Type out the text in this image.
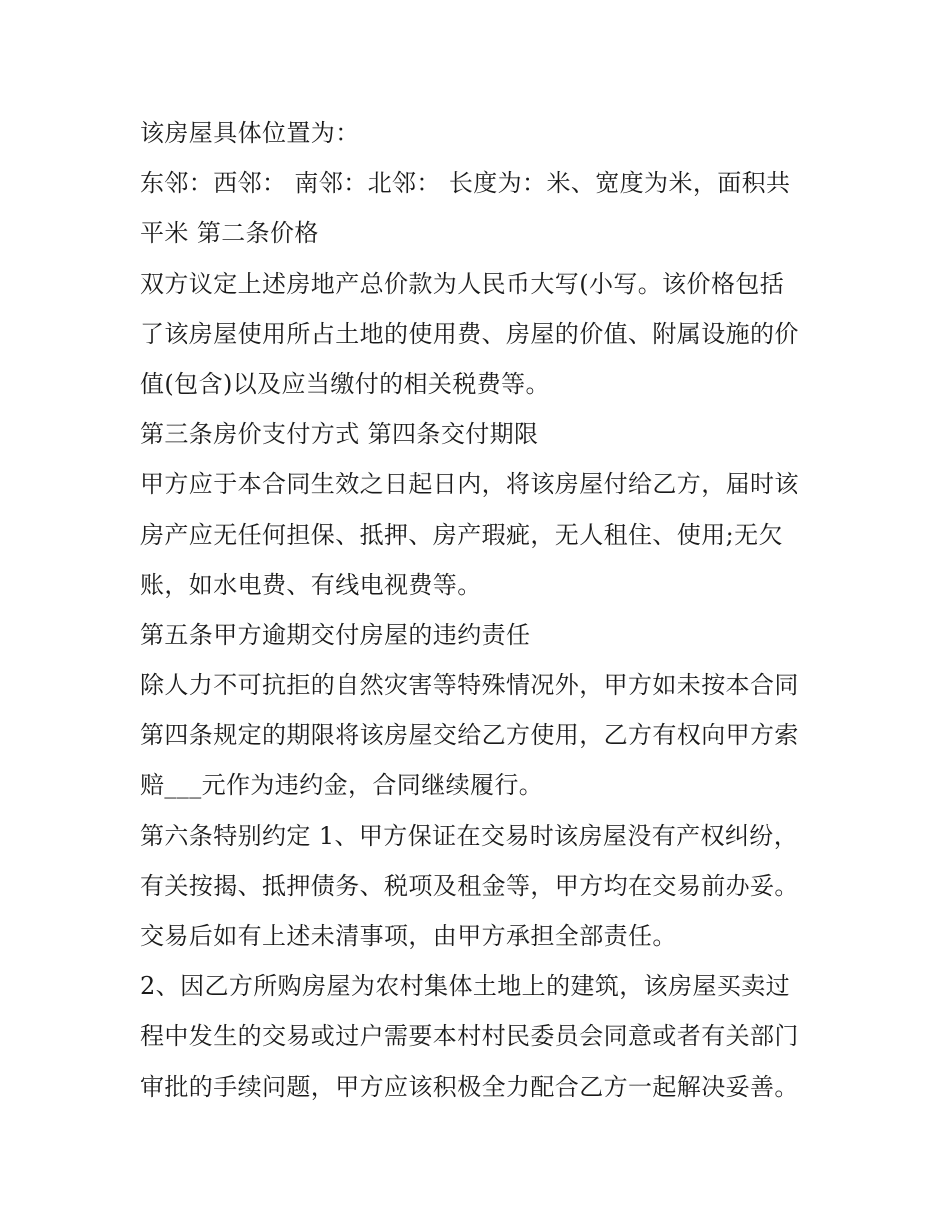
该房屋具体位置为：
东邻：西邻： 南邻：北邻： 长度为：米、宽度为米，面积共
平米 第二条价格
双方议定上述房地产总价款为人民币大写(小写。该价格包括
了该房屋使用所占土地的使用费、房屋的价值、附属设施的价
值(包含)以及应当缴付的相关税费等。
第三条房价支付方式 第四条交付期限
甲方应于本合同生效之日起日内，将该房屋付给乙方，届时该
房产应无任何担保、抵押、房产瑕疵，无人租住、使用;无欠
账，如水电费、有线电视费等。
第五条甲方逾期交付房屋的违约责任
除人力不可抗拒的自然灾害等特殊情况外，甲方如未按本合同
第四条规定的期限将该房屋交给乙方使用，乙方有权向甲方索
赔___元作为违约金，合同继续履行。
第六条特别约定 1、甲方保证在交易时该房屋没有产权纠纷，
有关按揭、抵押债务、税项及租金等，甲方均在交易前办妥。
交易后如有上述未清事项，由甲方承担全部责任。
2、因乙方所购房屋为农村集体土地上的建筑，该房屋买卖过
程中发生的交易或过户需要本村村民委员会同意或者有关部门
审批的手续问题，甲方应该积极全力配合乙方一起解决妥善。
